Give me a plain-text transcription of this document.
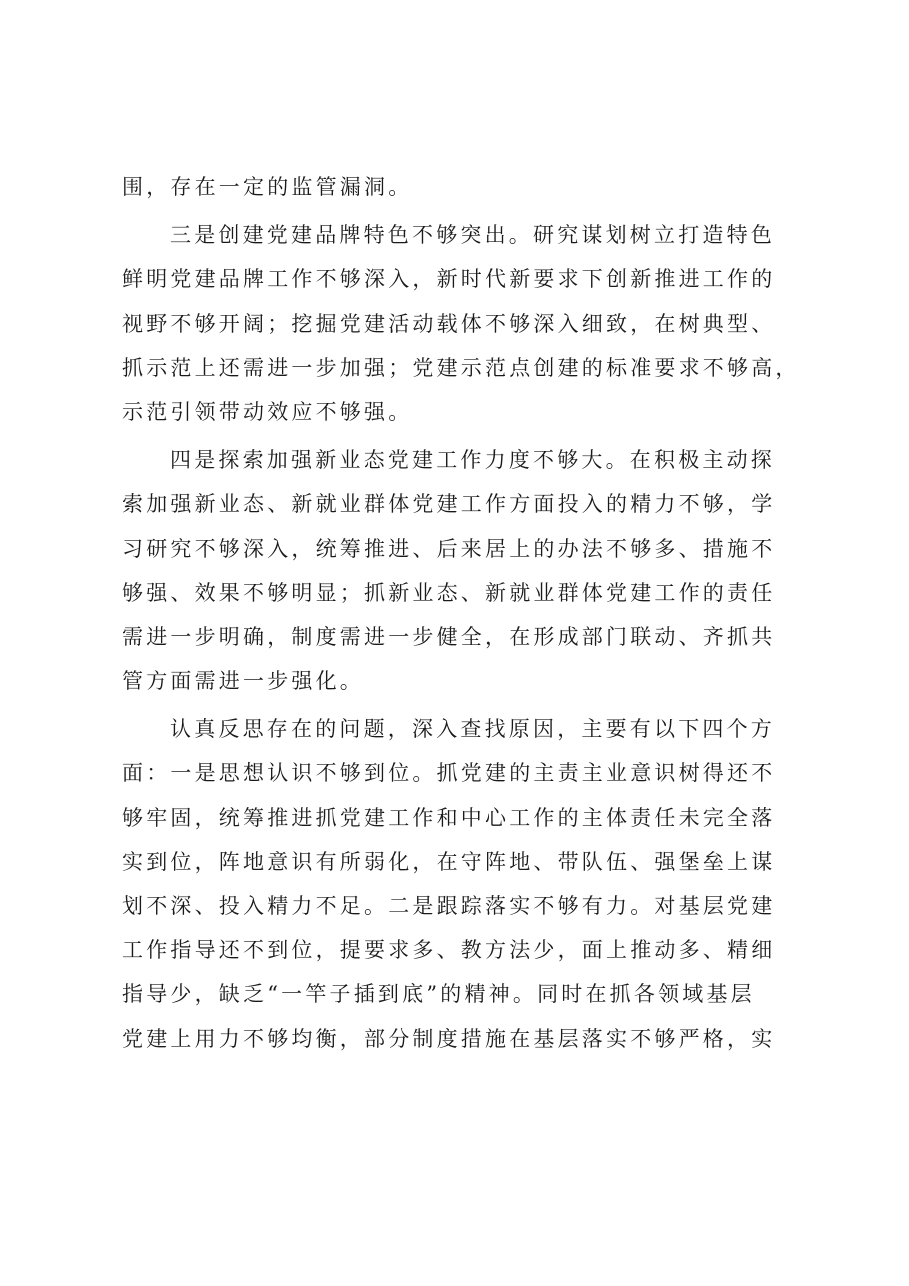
围，存在一定的监管漏洞。
三是创建党建品牌特色不够突出。研究谋划树立打造特色
鲜明党建品牌工作不够深入，新时代新要求下创新推进工作的
视野不够开阔；挖掘党建活动载体不够深入细致，在树典型、
抓示范上还需进一步加强；党建示范点创建的标准要求不够高，
示范引领带动效应不够强。
四是探索加强新业态党建工作力度不够大。在积极主动探
索加强新业态、新就业群体党建工作方面投入的精力不够，学
习研究不够深入，统筹推进、后来居上的办法不够多、措施不
够强、效果不够明显；抓新业态、新就业群体党建工作的责任
需进一步明确，制度需进一步健全，在形成部门联动、齐抓共
管方面需进一步强化。
认真反思存在的问题，深入查找原因，主要有以下四个方
面：一是思想认识不够到位。抓党建的主责主业意识树得还不
够牢固，统筹推进抓党建工作和中心工作的主体责任未完全落
实到位，阵地意识有所弱化，在守阵地、带队伍、强堡垒上谋
划不深、投入精力不足。二是跟踪落实不够有力。对基层党建
工作指导还不到位，提要求多、教方法少，面上推动多、精细
指导少，缺乏“一竿子插到底”的精神。同时在抓各领域基层
党建上用力不够均衡，部分制度措施在基层落实不够严格，实
